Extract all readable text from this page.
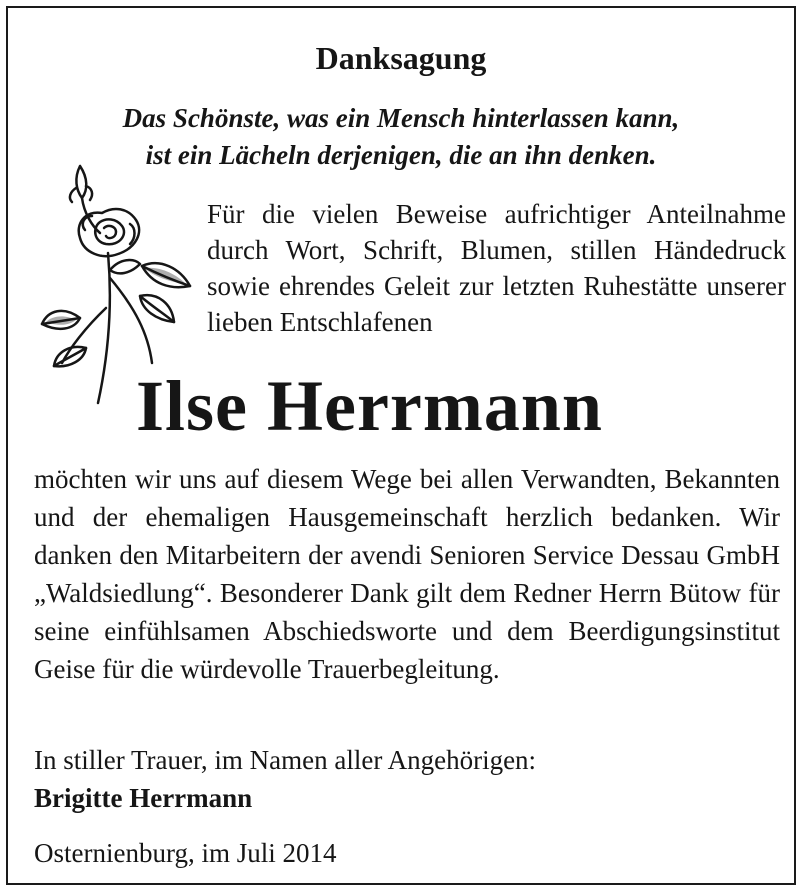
Danksagung
Das Schönste, was ein Mensch hinterlassen kann,
ist ein Lächeln derjenigen, die an ihn denken.
Für die vielen Beweise aufrichtiger Anteilnahme durch Wort, Schrift, Blumen, stillen Händedruck sowie ehrendes Geleit zur letzten Ruhestätte unserer lieben Entschlafenen
Ilse Herrmann

möchten wir uns auf diesem Wege bei allen Verwandten, Bekannten und der ehemaligen Hausgemeinschaft herzlich bedanken. Wir danken den Mitarbeitern der avendi Senioren Service Dessau GmbH „Waldsiedlung“. Besonderer Dank gilt dem Redner Herrn Bütow für seine einfühlsamen Abschiedsworte und dem Beerdigungsinstitut Geise für die würdevolle Trauerbegleitung.

In stiller Trauer, im Namen aller Angehörigen:
Brigitte Herrmann
Osternienburg, im Juli 2014
